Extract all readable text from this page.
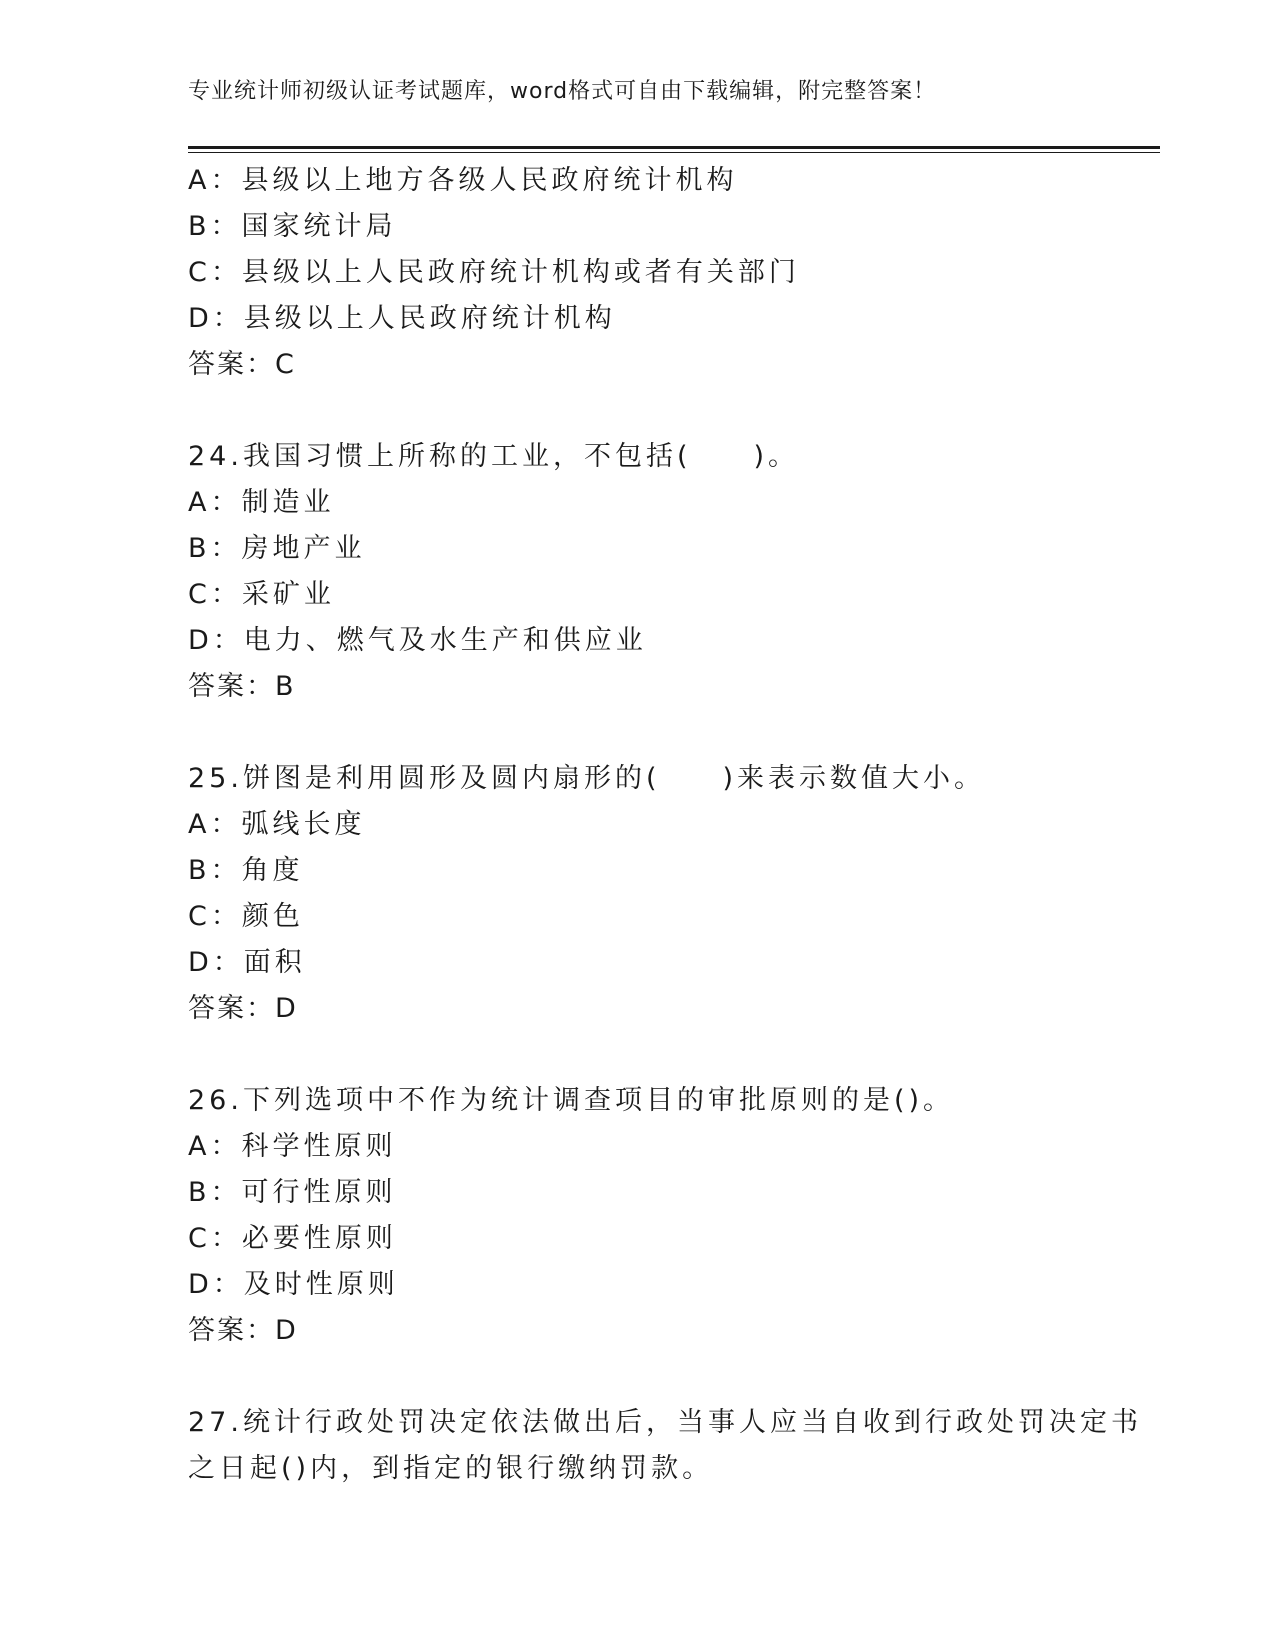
专业统计师初级认证考试题库，word格式可自由下载编辑，附完整答案！
A：县级以上地方各级人民政府统计机构
B：国家统计局
C：县级以上人民政府统计机构或者有关部门
D：县级以上人民政府统计机构
答案：C
24.我国习惯上所称的工业，不包括(　　)。
A：制造业
B：房地产业
C：采矿业
D：电力、燃气及水生产和供应业
答案：B
25.饼图是利用圆形及圆内扇形的(　　)来表示数值大小。
A：弧线长度
B：角度
C：颜色
D：面积
答案：D
26.下列选项中不作为统计调查项目的审批原则的是()。
A：科学性原则
B：可行性原则
C：必要性原则
D：及时性原则
答案：D
27.统计行政处罚决定依法做出后，当事人应当自收到行政处罚决定书
之日起()内，到指定的银行缴纳罚款。
